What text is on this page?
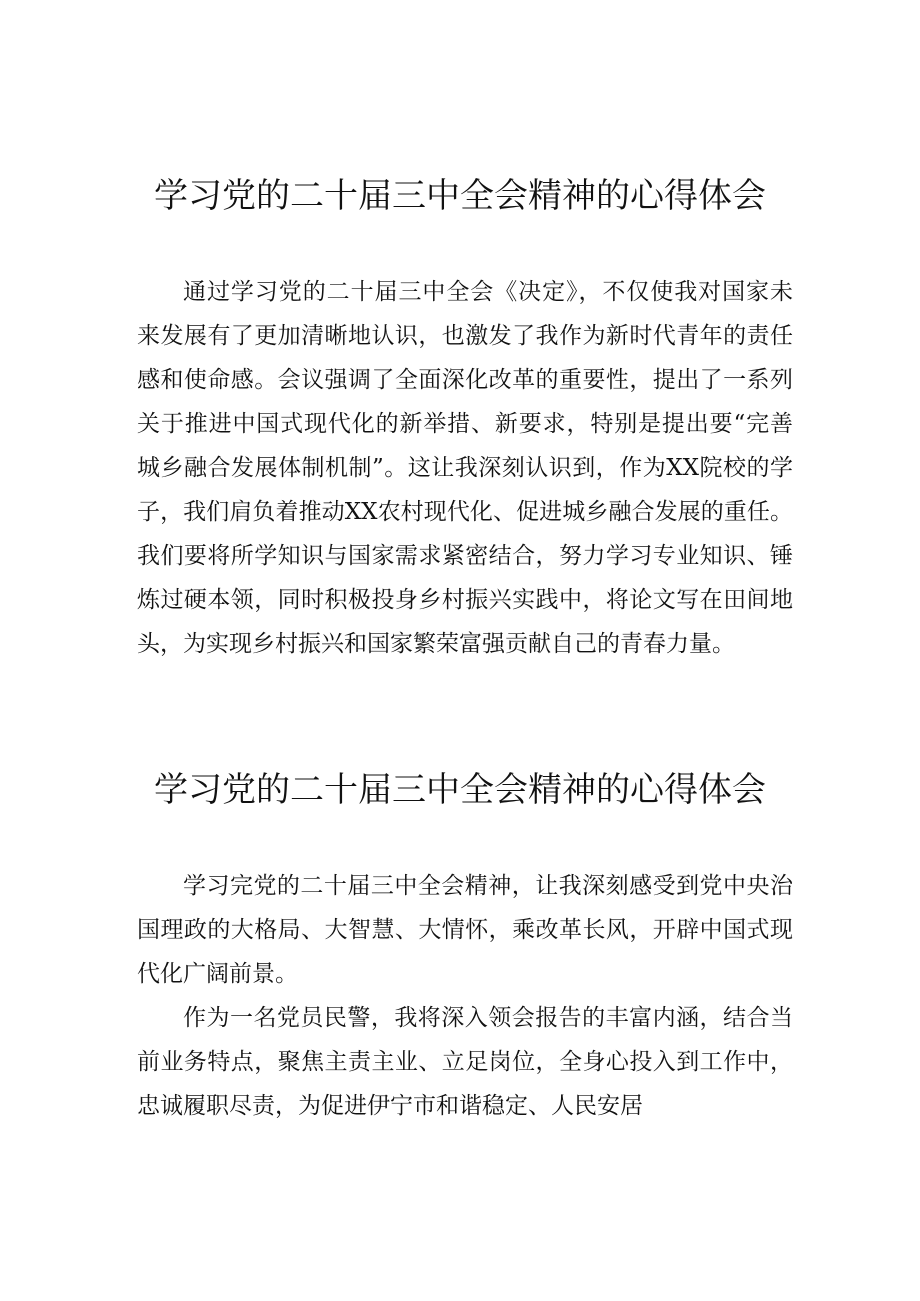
学习党的二十届三中全会精神的心得体会

通过学习党的二十届三中全会《决定》，不仅使我对国家未
来发展有了更加清晰地认识，也激发了我作为新时代青年的责任
感和使命感。会议强调了全面深化改革的重要性，提出了一系列
关于推进中国式现代化的新举措、新要求，特别是提出要“完善
城乡融合发展体制机制”。这让我深刻认识到，作为XX院校的学
子，我们肩负着推动XX农村现代化、促进城乡融合发展的重任。
我们要将所学知识与国家需求紧密结合，努力学习专业知识、锤
炼过硬本领，同时积极投身乡村振兴实践中，将论文写在田间地
头，为实现乡村振兴和国家繁荣富强贡献自己的青春力量。

学习党的二十届三中全会精神的心得体会

学习完党的二十届三中全会精神，让我深刻感受到党中央治
国理政的大格局、大智慧、大情怀，乘改革长风，开辟中国式现
代化广阔前景。

作为一名党员民警，我将深入领会报告的丰富内涵，结合当
前业务特点，聚焦主责主业、立足岗位，全身心投入到工作中，
忠诚履职尽责，为促进伊宁市和谐稳定、人民安居
